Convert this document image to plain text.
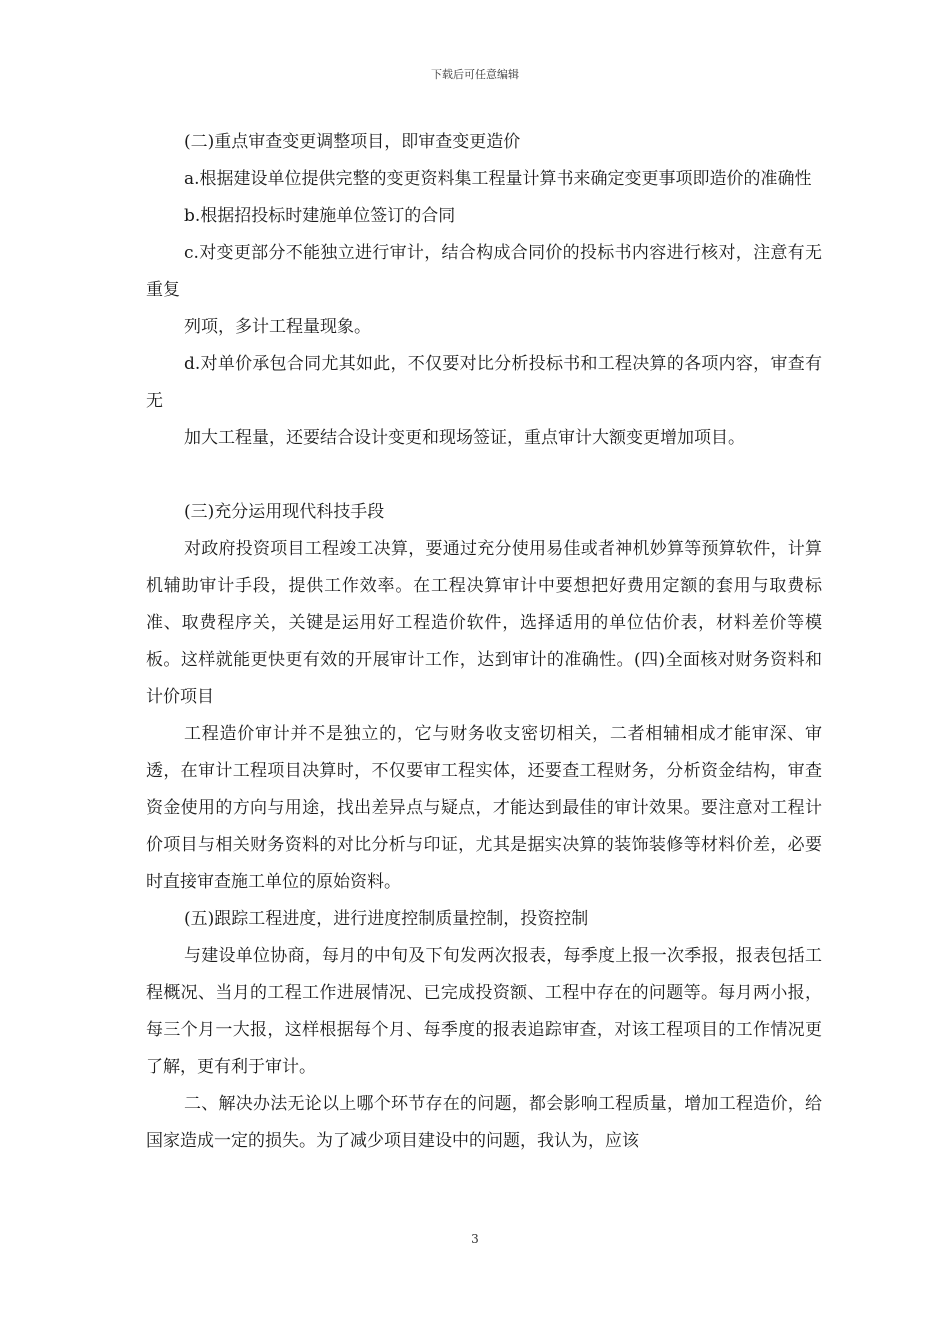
下载后可任意编辑

(二)重点审查变更调整项目，即审查变更造价

a.根据建设单位提供完整的变更资料集工程量计算书来确定变更事项即造价的准确性

b.根据招投标时建施单位签订的合同

c.对变更部分不能独立进行审计，结合构成合同价的投标书内容进行核对，注意有无重复

列项，多计工程量现象。

d.对单价承包合同尤其如此，不仅要对比分析投标书和工程决算的各项内容，审查有无

加大工程量，还要结合设计变更和现场签证，重点审计大额变更增加项目。

(三)充分运用现代科技手段

对政府投资项目工程竣工决算，要通过充分使用易佳或者神机妙算等预算软件，计算机辅助审计手段，提供工作效率。在工程决算审计中要想把好费用定额的套用与取费标准、取费程序关，关键是运用好工程造价软件，选择适用的单位估价表，材料差价等模板。这样就能更快更有效的开展审计工作，达到审计的准确性。(四)全面核对财务资料和计价项目

工程造价审计并不是独立的，它与财务收支密切相关，二者相辅相成才能审深、审透，在审计工程项目决算时，不仅要审工程实体，还要查工程财务，分析资金结构，审查资金使用的方向与用途，找出差异点与疑点，才能达到最佳的审计效果。要注意对工程计价项目与相关财务资料的对比分析与印证，尤其是据实决算的装饰装修等材料价差，必要时直接审查施工单位的原始资料。

(五)跟踪工程进度，进行进度控制质量控制，投资控制

与建设单位协商，每月的中旬及下旬发两次报表，每季度上报一次季报，报表包括工程概况、当月的工程工作进展情况、已完成投资额、工程中存在的问题等。每月两小报，每三个月一大报，这样根据每个月、每季度的报表追踪审查，对该工程项目的工作情况更了解，更有利于审计。

二、解决办法无论以上哪个环节存在的问题，都会影响工程质量，增加工程造价，给国家造成一定的损失。为了减少项目建设中的问题，我认为，应该

3
